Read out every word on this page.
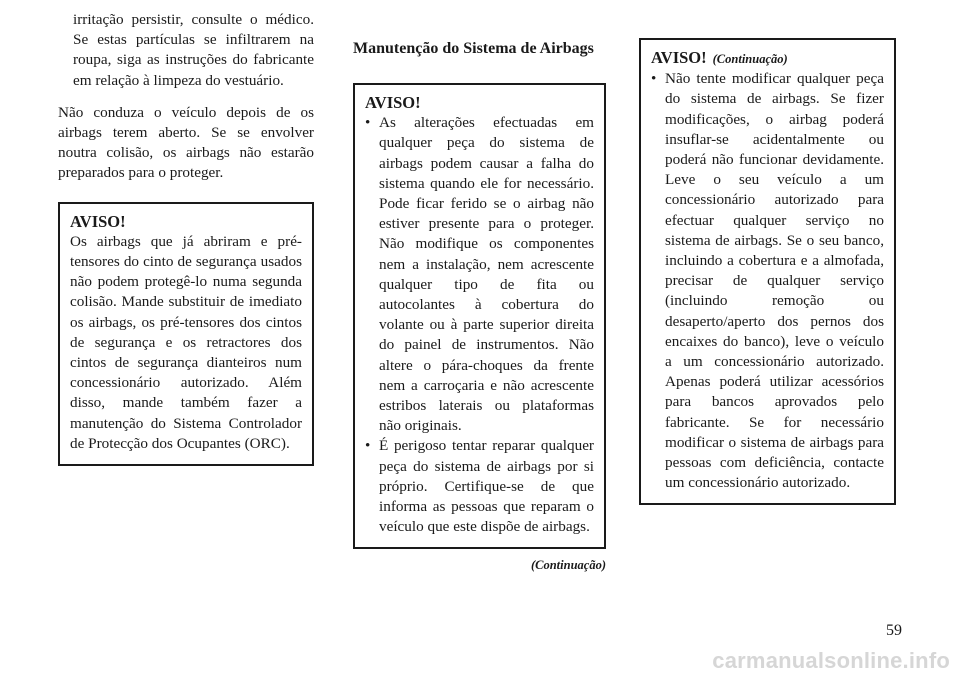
irritação persistir, consulte o médico. Se estas partículas se infiltrarem na roupa, siga as instruções do fabricante em relação à limpeza do vestuário.

Não conduza o veículo depois de os airbags terem aberto. Se se envolver noutra colisão, os airbags não estarão preparados para o proteger.

AVISO!

Os airbags que já abriram e pré-tensores do cinto de segurança usados não podem protegê-lo numa segunda colisão. Mande substituir de imediato os airbags, os pré-tensores dos cintos de segurança e os retractores dos cintos de segurança dianteiros num concessionário autorizado. Além disso, mande também fazer a manutenção do Sistema Controlador de Protecção dos Ocupantes (ORC).

Manutenção do Sistema de Airbags

AVISO!

• As alterações efectuadas em qualquer peça do sistema de airbags podem causar a falha do sistema quando ele for necessário. Pode ficar ferido se o airbag não estiver presente para o proteger. Não modifique os componentes nem a instalação, nem acrescente qualquer tipo de fita ou autocolantes à cobertura do volante ou à parte superior direita do painel de instrumentos. Não altere o pára-choques da frente nem a carroçaria e não acrescente estribos laterais ou plataformas não originais.

• É perigoso tentar reparar qualquer peça do sistema de airbags por si próprio. Certifique-se de que informa as pessoas que reparam o veículo que este dispõe de airbags.

(Continuação)

AVISO! (Continuação)

• Não tente modificar qualquer peça do sistema de airbags. Se fizer modificações, o airbag poderá insuflar-se acidentalmente ou poderá não funcionar devidamente. Leve o seu veículo a um concessionário autorizado para efectuar qualquer serviço no sistema de airbags. Se o seu banco, incluindo a cobertura e a almofada, precisar de qualquer serviço (incluindo remoção ou desaperto/aperto dos pernos dos encaixes do banco), leve o veículo a um concessionário autorizado. Apenas poderá utilizar acessórios para bancos aprovados pelo fabricante. Se for necessário modificar o sistema de airbags para pessoas com deficiência, contacte um concessionário autorizado.

59
carmanualsonline.info
